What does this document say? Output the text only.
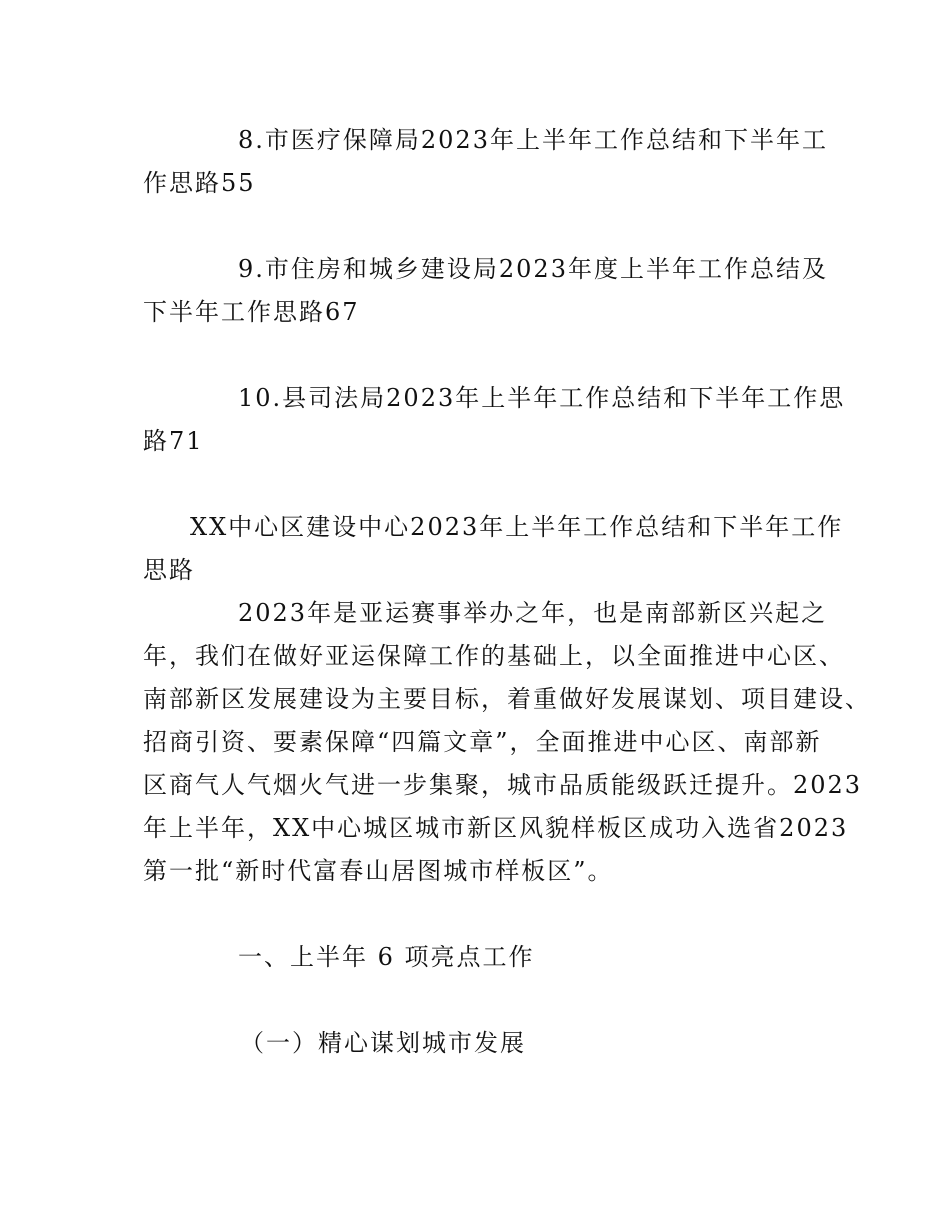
8.市医疗保障局2023年上半年工作总结和下半年工
作思路55
9.市住房和城乡建设局2023年度上半年工作总结及
下半年工作思路67
10.县司法局2023年上半年工作总结和下半年工作思
路71
XX中心区建设中心2023年上半年工作总结和下半年工作
思路
2023年是亚运赛事举办之年，也是南部新区兴起之
年，我们在做好亚运保障工作的基础上，以全面推进中心区、
南部新区发展建设为主要目标，着重做好发展谋划、项目建设、
招商引资、要素保障“四篇文章”，全面推进中心区、南部新
区商气人气烟火气进一步集聚，城市品质能级跃迁提升。2023
年上半年，XX中心城区城市新区风貌样板区成功入选省2023
第一批“新时代富春山居图城市样板区”。
一、上半年 6 项亮点工作
（一）精心谋划城市发展
